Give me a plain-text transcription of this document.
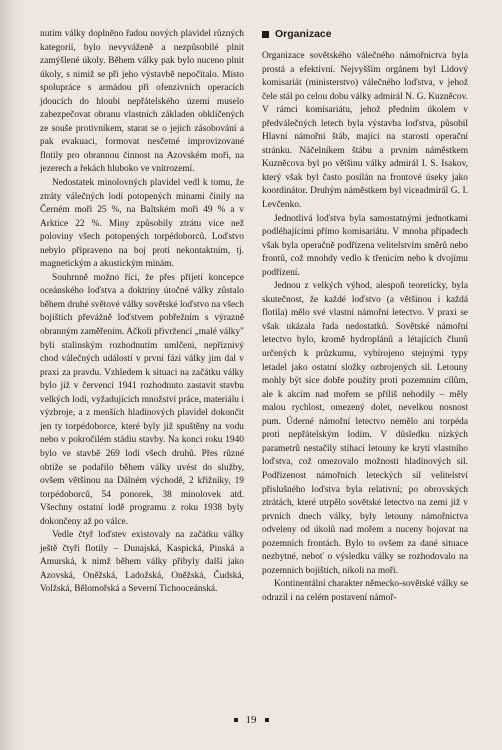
nutím války doplněno řadou nových plavidel různých kategorií, bylo nevyváženě a nezpůsobilé plnit zamýšlené úkoly. Během války pak bylo nuceno plnit úkoly, s nimiž se při jeho výstavbě nepočítalo. Místo spolupráce s armádou při ofenzivních operacích jdoucích do hloubi nepřátelského území muselo zabezpečovat obranu vlastních základen obklíčených ze souše protivníkem, starat se o jejich zásobování a pak evakuaci, formovat nesčetné improvizované flotily pro obrannou činnost na Azovském moři, na jezerech a řekách hluboko ve vnitrozemí.

Nedostatek minolovných plavidel vedl k tomu, že ztráty válečných lodí potopených minami činily na Černém moři 25 %, na Baltském moři 49 % a v Arktice 22 %. Miny způsobily ztrátu více než poloviny všech potopených torpédoborců. Loďstvo nebylo připraveno na boj proti nekontaktním, tj. magnetickým a akustickým minám.

Souhrnně možno říci, že přes přijetí koncepce oceánského loďstva a doktríny útočné války zůstalo během druhé světové války sovětské loďstvo na všech bojištích převážně loďstvem pobřežním s výrazně obranným zaměřením. Ačkoli přivržencí „malé války" byli stalinským rozhodnutím umlčeni, nepříznivý chod válečných událostí v první fázi války jim dal v praxi za pravdu. Vzhledem k situaci na začátku války bylo již v červenci 1941 rozhodnuto zastavit stavbu velkých lodí, vyžadujících množství práce, materiálu i výzbroje, a z menších hladinových plavidel dokončit jen ty torpédoborce, které byly již spuštěny na vodu nebo v pokročilém stádiu stavby. Na konci roku 1940 bylo ve stavbě 269 lodí všech druhů. Přes různé obtíže se podařilo během války uvést do služby, ovšem většinou na Dálném východě, 2 křižníky, 19 torpédoborců, 54 ponorek, 38 minolovek atd. Všechny ostatní lodě programu z roku 1938 byly dokončeny až po válce.

Vedle čtyř loďstev existovaly na začátku války ještě čtyři flotily – Dunajská, Kaspická, Pinská a Amurská, k nimž během války přibyly další jako Azovská, Oněžská, Ladožská, Oněžská, Čudská, Volžská, Bělomořská a Severní Tichooceánská.

Organizace

Organizace sovětského válečného námořnictva byla prostá a efektivní. Nejvyšším orgánem byl Lidový komisariát (ministerstvo) válečného loďstva, v jehož čele stál po celou dobu války admirál N. G. Kuzněcov. V rámci komisariátu, jehož předním úkolem v předválečných letech byla výstavba loďstva, působil Hlavní námořní štáb, mající na starosti operační stránku. Náčelníkem štábu a prvním náměstkem Kuzněcova byl po většinu války admirál I. S. Isakov, který však byl často posílán na frontové úseky jako koordinátor. Druhým náměstkem byl viceadmirál G. I. Levčenko.

Jednotlivá loďstva byla samostatnými jednotkami podléhajícími přímo komisariátu. V mnoha případech však byla operačně podřízena velitelstvím směrů nebo frontů, což mnohdy vedlo k třenicím nebo k dvojímu podřízení.

Jednou z velkých výhod, alespoň teoreticky, byla skutečnost, že každé loďstvo (a většinou i každá flotila) mělo své vlastní námořní letectvo. V praxi se však ukázala řada nedostatků. Sovětské námořní letectvo bylo, kromě hydroplánů a létajících člunů určených k průzkumu, vybírojeno stejnými typy letadel jako ostatní složky ozbrojených sil. Letouny mohly být sice dobře použity proti pozemním cílům, ale k akcím nad mořem se příliš nehodily – měly malou rychlost, omezený dolet, nevelkou nosnost pum. Úderné námořní letectvo nemělo ani torpéda proti nepřátelským lodím. V důsledku nízkých parametrů nestačily stíhací letouny ke krytí vlastního loďstva, což omezovalo možnosti hladinových sil. Podřízenost námořních leteckých sil velitelství příslušného loďstva byla relativní; po obrovských ztrátách, které utrpělo sovětské letectvo na zemi již v prvních dnech války, byly letouny námořnictva odveleny od úkolů nad mořem a nuceny bojovat na pozemních frontách. Bylo to ovšem za dané situace nezbytné, neboť o výsledku války se rozhodovalo na pozemních bojištích, nikoli na moři.

Kontinentální charakter německo-sovětské války se odrazil i na celém postavení námoř-

19
